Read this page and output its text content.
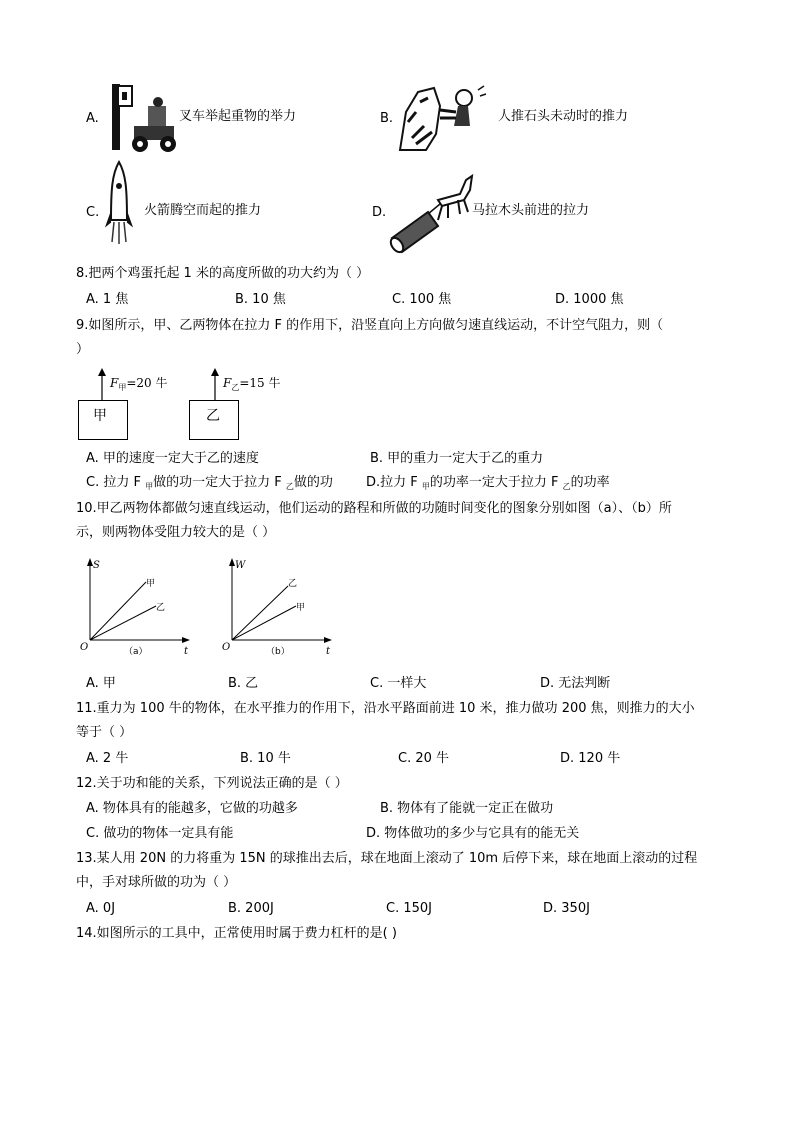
A.	叉车举起重物的举力	B.	人推石头未动时的推力
C.	火箭腾空而起的推力	D.	马拉木头前进的拉力
8.把两个鸡蛋托起 1 米的高度所做的功大约为（ ）
A. 1 焦	B. 10 焦	C. 100 焦	D. 1000 焦
9.如图所示，甲、乙两物体在拉力 F 的作用下，沿竖直向上方向做匀速直线运动，不计空气阻力，则（
）
$F_甲=20$ 牛
甲
$F_乙=15$ 牛
乙
A. 甲的速度一定大于乙的速度	B. 甲的重力一定大于乙的重力
C. 拉力 F $_甲$做的功一定大于拉力 F $_乙$做的功	D.拉力 F $_甲$的功率一定大于拉力 F $_乙$的功率
10.甲乙两物体都做匀速直线运动，他们运动的路程和所做的功随时间变化的图象分别如图（a）、（b）所
示，则两物体受阻力较大的是（ ）
S
t
O
甲
乙
（a）
W
t
O
乙
甲
（b）
A. 甲	B. 乙	C. 一样大	D. 无法判断
11.重力为 100 牛的物体，在水平推力的作用下，沿水平路面前进 10 米，推力做功 200 焦，则推力的大小
等于（ ）
A. 2 牛	B. 10 牛	C. 20 牛	D. 120 牛
12.关于功和能的关系，下列说法正确的是（ ）
A. 物体具有的能越多，它做的功越多	B. 物体有了能就一定正在做功
C. 做功的物体一定具有能	D. 物体做功的多少与它具有的能无关
13.某人用 20N 的力将重为 15N 的球推出去后，球在地面上滚动了 10m 后停下来，球在地面上滚动的过程
中，手对球所做的功为（ ）
A. 0J	B. 200J	C. 150J	D. 350J
14.如图所示的工具中，正常使用时属于费力杠杆的是( )
